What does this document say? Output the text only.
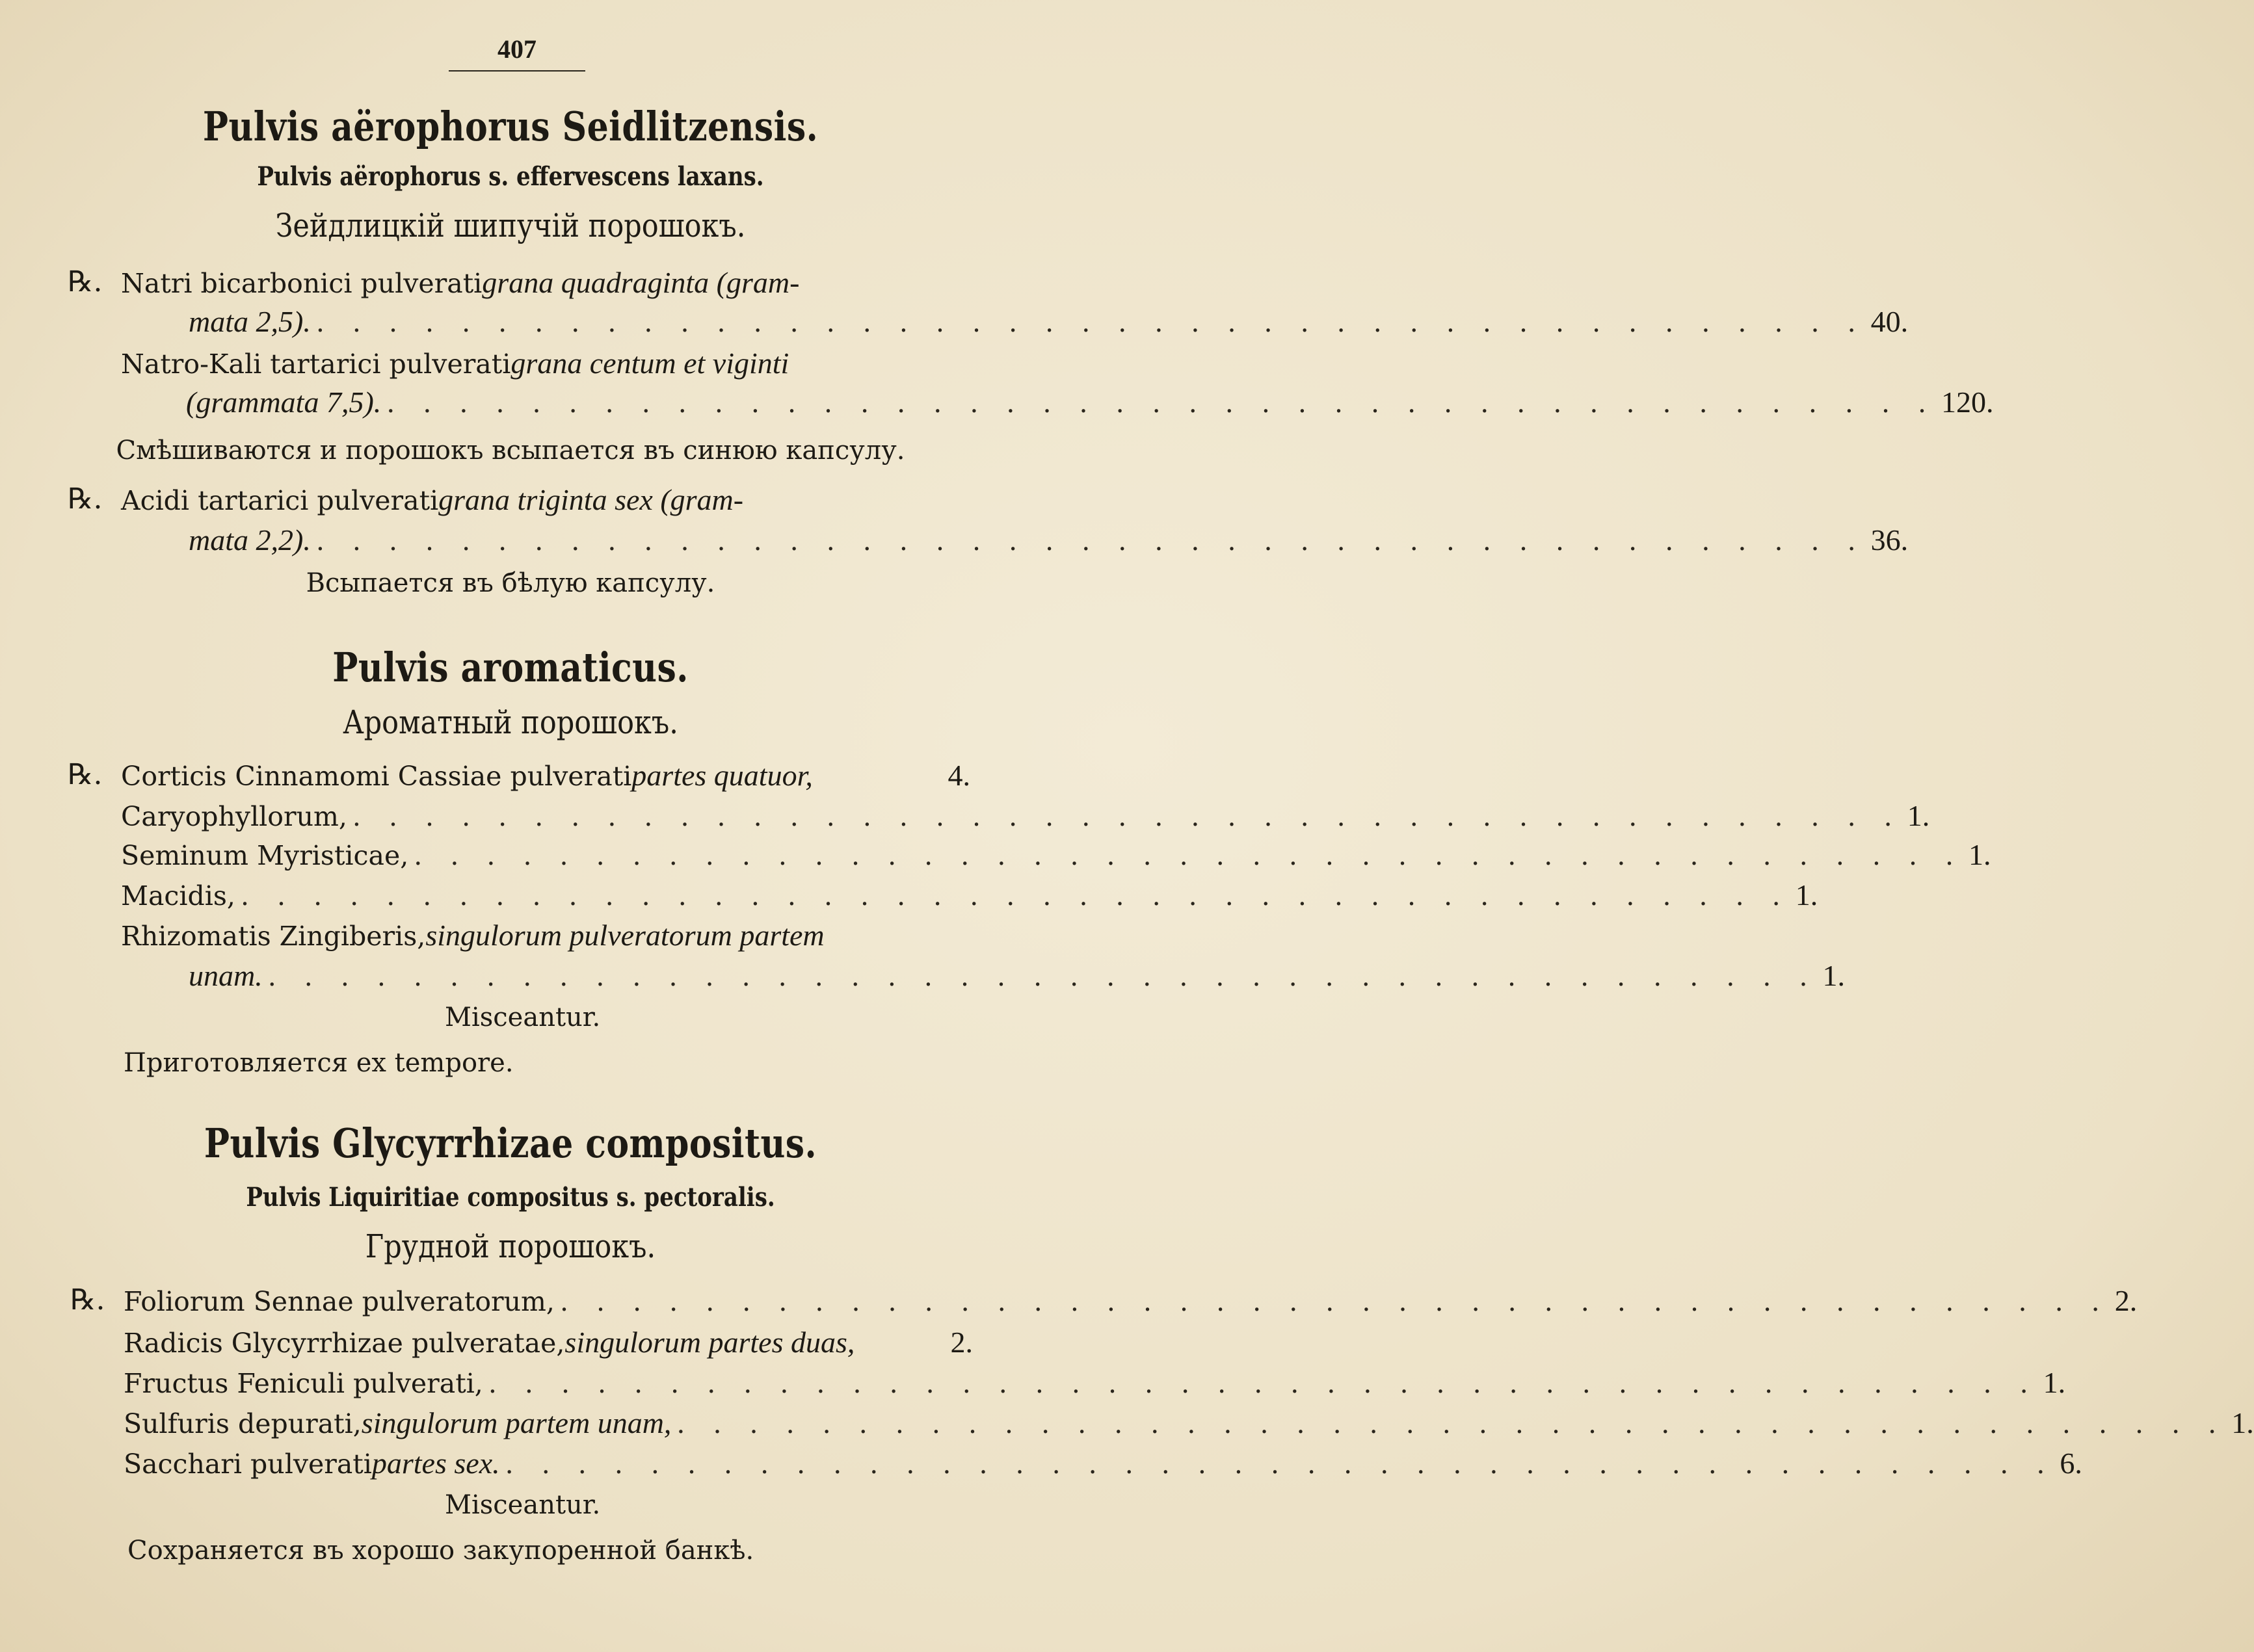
407
Pulvis aërophorus Seidlitzensis.
Pulvis aërophorus s. effervescens laxans.
Зейдлицкій шипучій порошокъ.
℞. Natri bicarbonici pulverati grana quadraginta (gram-
mata 2,5). . . . . . . . . . . . . . . . . . . . . . . . . . . . . . . . . . . . . . . . . . . . 40.
Natro-Kali tartarici pulverati grana centum et viginti
(grammata 7,5). . . . . . . . . . . . . . . . . . . . . . . . . . . . . . . . . . . . . . . . . . . . 120.
Смѣшиваются и порошокъ всыпается въ синюю капсулу.
℞. Acidi tartarici pulverati grana triginta sex (gram-
mata 2,2). . . . . . . . . . . . . . . . . . . . . . . . . . . . . . . . . . . . . . . . . . . . 36.
Всыпается въ бѣлую капсулу.
Pulvis aromaticus.
Ароматный порошокъ.
℞. Corticis Cinnamomi Cassiae pulverati partes quatuor,	4.
Caryophyllorum, . . . . . . . . . . . . . . . . . . . . . . . . . . . . . . . . . . . . . . . . . . . 1.
Seminum Myristicae, . . . . . . . . . . . . . . . . . . . . . . . . . . . . . . . . . . . . . . . . . . . 1.
Macidis, . . . . . . . . . . . . . . . . . . . . . . . . . . . . . . . . . . . . . . . . . . . 1.
Rhizomatis Zingiberis, singulorum pulveratorum partem
unam. . . . . . . . . . . . . . . . . . . . . . . . . . . . . . . . . . . . . . . . . . . . 1.
Misceantur.
Приготовляется ex tempore.
Pulvis Glycyrrhizae compositus.
Pulvis Liquiritiae compositus s. pectoralis.
Грудной порошокъ.
℞. Foliorum Sennae pulveratorum, . . . . . . . . . . . . . . . . . . . . . . . . . . . . . . . . . . . . . . . . . . . 2.
Radicis Glycyrrhizae pulveratae, singulorum partes duas,	2.
Fructus Feniculi pulverati, . . . . . . . . . . . . . . . . . . . . . . . . . . . . . . . . . . . . . . . . . . . 1.
Sulfuris depurati, singulorum partem unam, . . . . . . . . . . . . . . . . . . . . . . . . . . . . . . . . . . . . . . . . . . . 1.
Sacchari pulverati partes sex. . . . . . . . . . . . . . . . . . . . . . . . . . . . . . . . . . . . . . . . . . . . 6.
Misceantur.
Сохраняется въ хорошо закупоренной банкѣ.
